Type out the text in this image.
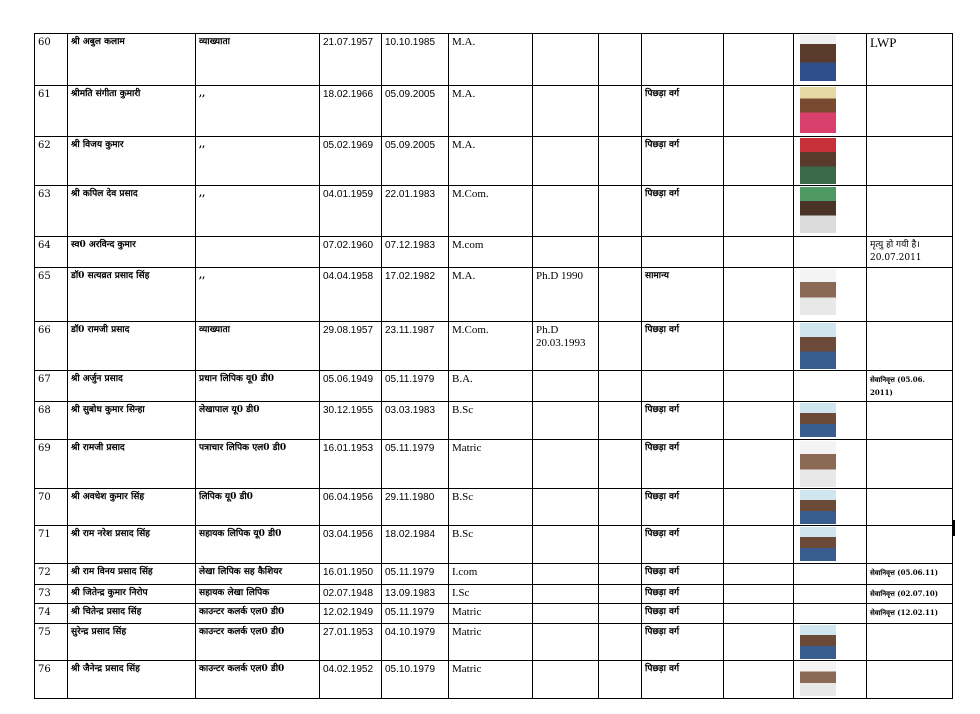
60	श्री अबुल कलाम	व्याख्याता	21.07.1957	10.10.1985	M.A.						LWP
61	श्रीमति संगीता कुमारी	,,	18.02.1966	05.09.2005	M.A.			पिछड़ा वर्ग		

62	श्री विजय कुमार	,,	05.02.1969	05.09.2005	M.A.			पिछड़ा वर्ग		

63	श्री कपिल देव प्रसाद	,,	04.01.1959	22.01.1983	M.Com.			पिछड़ा वर्ग		

64	स्व0 अरविन्द कुमार		07.02.1960	07.12.1983	M.com						मृत्यु हो गयी है। 20.07.2011
65	डॉ0 सत्यव्रत प्रसाद सिंह	,,	04.04.1958	17.02.1982	M.A.	Ph.D 1990		सामान्य		

66	डॉ0 रामजी प्रसाद	व्याख्याता	29.08.1957	23.11.1987	M.Com.	Ph.D 20.03.1993		पिछड़ा वर्ग		

67	श्री अर्जुन प्रसाद	प्रधान लिपिक यू0 डी0	05.06.1949	05.11.1979	B.A.						सेवानिवृत्त (05.06. 2011)
68	श्री सुबोध कुमार सिन्हा	लेखापाल यू0 डी0	30.12.1955	03.03.1983	B.Sc			पिछड़ा वर्ग		

69	श्री रामजी प्रसाद	पत्राचार लिपिक एल0 डी0	16.01.1953	05.11.1979	Matric			पिछड़ा वर्ग		

70	श्री अवधेश कुमार सिंह	लिपिक यू0 डी0	06.04.1956	29.11.1980	B.Sc			पिछड़ा वर्ग		

71	श्री राम नरेश प्रसाद सिंह	सहायक लिपिक यू0 डी0	03.04.1956	18.02.1984	B.Sc			पिछड़ा वर्ग		

72	श्री राम विनय प्रसाद सिंह	लेखा लिपिक सह कैशियर	16.01.1950	05.11.1979	I.com			पिछड़ा वर्ग			सेवानिवृत्त (05.06.11)
73	श्री जितेन्द्र कुमार निरोप	सहायक लेखा लिपिक	02.07.1948	13.09.1983	I.Sc			पिछड़ा वर्ग			सेवानिवृत्त (02.07.10)
74	श्री चितेन्द्र प्रसाद सिंह	काउन्टर कलर्क एल0 डी0	12.02.1949	05.11.1979	Matric			पिछड़ा वर्ग			सेवानिवृत्त (12.02.11)
75	सुरेन्द्र प्रसाद सिंह	काउन्टर कलर्क एल0 डी0	27.01.1953	04.10.1979	Matric			पिछड़ा वर्ग		

76	श्री जैनेन्द्र प्रसाद सिंह	काउन्टर कलर्क एल0 डी0	04.02.1952	05.10.1979	Matric			पिछड़ा वर्ग		
